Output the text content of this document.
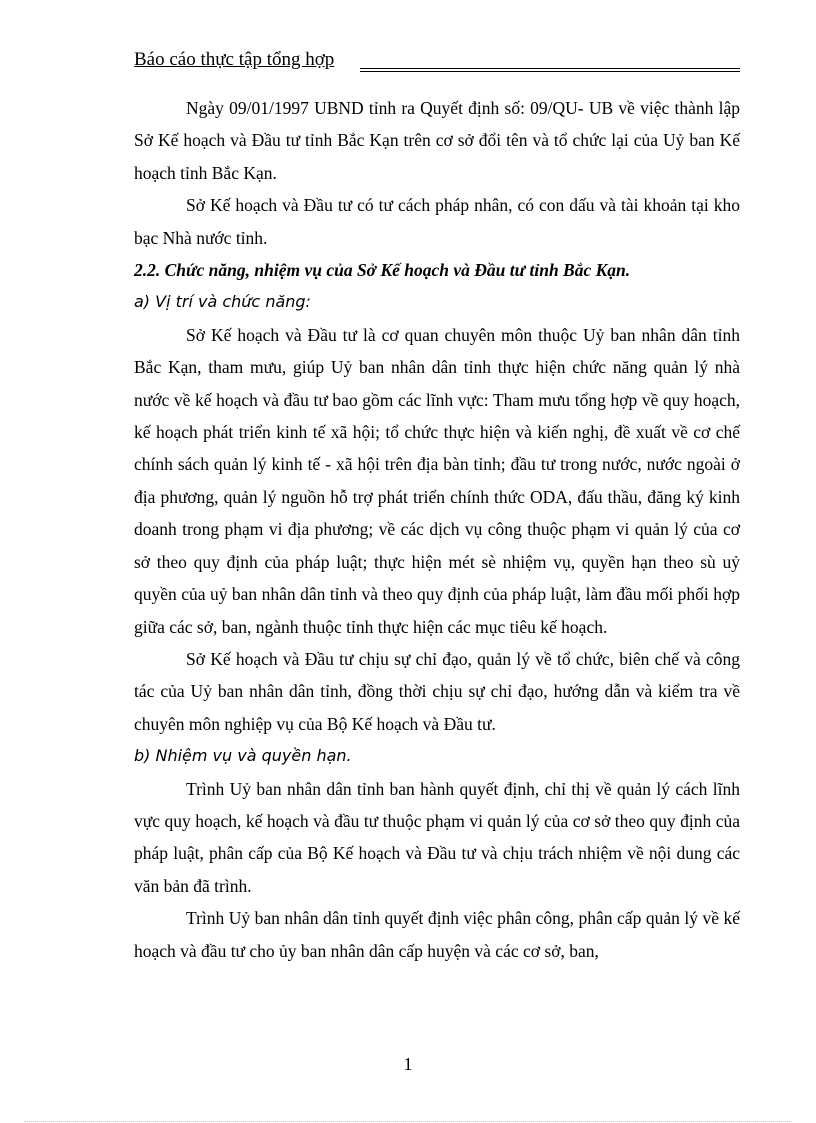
Báo cáo thực tập tổng hợp

Ngày 09/01/1997 UBND tỉnh ra Quyết định số: 09/QU- UB về việc thành lập Sở Kế hoạch và Đầu tư tỉnh Bắc Kạn trên cơ sở đổi tên và tổ chức lại của Uỷ ban Kế hoạch tỉnh Bắc Kạn.

Sở Kế hoạch và Đầu tư có tư cách pháp nhân, có con dấu và tài khoản tại kho bạc Nhà nước tỉnh.

2.2. Chức năng, nhiệm vụ của Sở Kế hoạch và Đầu tư tỉnh Bắc Kạn.

a) Vị trí và chức năng:

Sở Kế hoạch và Đầu tư là cơ quan chuyên môn thuộc Uỷ ban nhân dân tỉnh Bắc Kạn, tham mưu, giúp Uỷ ban nhân dân tỉnh thực hiện chức năng quản lý nhà nước về kế hoạch và đầu tư bao gồm các lĩnh vực: Tham mưu tổng hợp về quy hoạch, kế hoạch phát triển kinh tế xã hội; tổ chức thực hiện và kiến nghị, đề xuất về cơ chế chính sách quản lý kinh tế - xã hội trên địa bàn tỉnh; đầu tư trong nước, nước ngoài ở địa phương, quản lý nguồn hỗ trợ phát triển chính thức ODA, đấu thầu, đăng ký kinh doanh trong phạm vi địa phương; về các dịch vụ công thuộc phạm vi quản lý của cơ sở theo quy định của pháp luật; thực hiện mét sè nhiệm vụ, quyền hạn theo sù uỷ quyền của uỷ ban nhân dân tỉnh và theo quy định của pháp luật, làm đầu mối phối hợp giữa các sở, ban, ngành thuộc tỉnh thực hiện các mục tiêu kế hoạch.

Sở Kế hoạch và Đầu tư chịu sự chỉ đạo, quản lý về tổ chức, biên chế và công tác của Uỷ ban nhân dân tỉnh, đồng thời chịu sự chỉ đạo, hướng dẫn và kiểm tra về chuyên môn nghiệp vụ của Bộ Kế hoạch và Đầu tư.

b) Nhiệm vụ và quyền hạn.

Trình Uỷ ban nhân dân tỉnh ban hành quyết định, chỉ thị về quản lý cách lĩnh vực quy hoạch, kế hoạch và đầu tư thuộc phạm vi quản lý của cơ sở theo quy định của pháp luật, phân cấp của Bộ Kế hoạch và Đầu tư và chịu trách nhiệm về nội dung các văn bản đã trình.

Trình Uỷ ban nhân dân tỉnh quyết định việc phân công, phân cấp quản lý về kế hoạch và đầu tư cho ủy ban nhân dân cấp huyện và các cơ sở, ban,

1
